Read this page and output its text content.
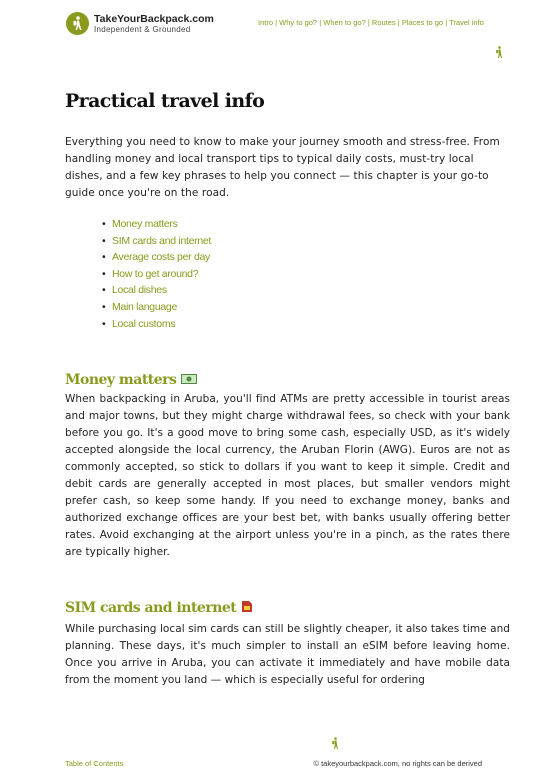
TakeYourBackpack.com
Independent & Grounded
Intro | Why to go? | When to go? | Routes | Places to go | Travel info
Practical travel info

Everything you need to know to make your journey smooth and stress-free. From handling money and local transport tips to typical daily costs, must-try local dishes, and a few key phrases to help you connect — this chapter is your go-to guide once you're on the road.

• Money matters
• SIM cards and internet
• Average costs per day
• How to get around?
• Local dishes
• Main language
• Local customs
Money matters

When backpacking in Aruba, you'll find ATMs are pretty accessible in tourist areas and major towns, but they might charge withdrawal fees, so check with your bank before you go. It's a good move to bring some cash, especially USD, as it's widely accepted alongside the local currency, the Aruban Florin (AWG). Euros are not as commonly accepted, so stick to dollars if you want to keep it simple. Credit and debit cards are generally accepted in most places, but smaller vendors might prefer cash, so keep some handy. If you need to exchange money, banks and authorized exchange offices are your best bet, with banks usually offering better rates. Avoid exchanging at the airport unless you're in a pinch, as the rates there are typically higher.

SIM cards and internet

While purchasing local sim cards can still be slightly cheaper, it also takes time and planning. These days, it's much simpler to install an eSIM before leaving home. Once you arrive in Aruba, you can activate it immediately and have mobile data from the moment you land — which is especially useful for ordering

Table of Contents	© takeyourbackpack.com, no rights can be derived
